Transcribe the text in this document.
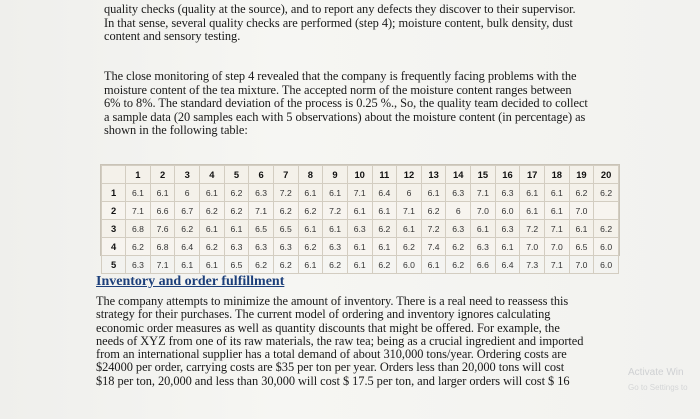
quality checks (quality at the source), and to report any defects they discover to their supervisor.
In that sense, several quality checks are performed (step 4); moisture content, bulk density, dust
content and sensory testing.

The close monitoring of step 4 revealed that the company is frequently facing problems with the
moisture content of the tea mixture. The accepted norm of the moisture content ranges between
6% to 8%. The standard deviation of the process is 0.25 %., So, the quality team decided to collect
a sample data (20 samples each with 5 observations) about the moisture content (in percentage) as
shown in the following table:

	1	2	3	4	5	6	7	8	9	10	11	12	13	14	15	16	17	18	19	20
1	6.1	6.1	6	6.1	6.2	6.3	7.2	6.1	6.1	7.1	6.4	6	6.1	6.3	7.1	6.3	6.1	6.1	6.2	6.2
2	7.1	6.6	6.7	6.2	6.2	7.1	6.2	6.2	7.2	6.1	6.1	7.1	6.2	6	7.0	6.0	6.1	6.1	7.0	
3	6.8	7.6	6.2	6.1	6.1	6.5	6.5	6.1	6.1	6.3	6.2	6.1	7.2	6.3	6.1	6.3	7.2	7.1	6.1	6.2
4	6.2	6.8	6.4	6.2	6.3	6.3	6.3	6.2	6.3	6.1	6.1	6.2	7.4	6.2	6.3	6.1	7.0	7.0	6.5	6.0
5	6.3	7.1	6.1	6.1	6.5	6.2	6.2	6.1	6.2	6.1	6.2	6.0	6.1	6.2	6.6	6.4	7.3	7.1	7.0	6.0
Inventory and order fulfillment

The company attempts to minimize the amount of inventory. There is a real need to reassess this
strategy for their purchases. The current model of ordering and inventory ignores calculating
economic order measures as well as quantity discounts that might be offered. For example, the
needs of XYZ from one of its raw materials, the raw tea; being as a crucial ingredient and imported
from an international supplier has a total demand of about 310,000 tons/year. Ordering costs are
$24000 per order, carrying costs are $35 per ton per year. Orders less than 20,000 tons will cost
$18 per ton, 20,000 and less than 30,000 will cost $ 17.5 per ton, and larger orders will cost $ 16

Activate Win
Go to Settings to
